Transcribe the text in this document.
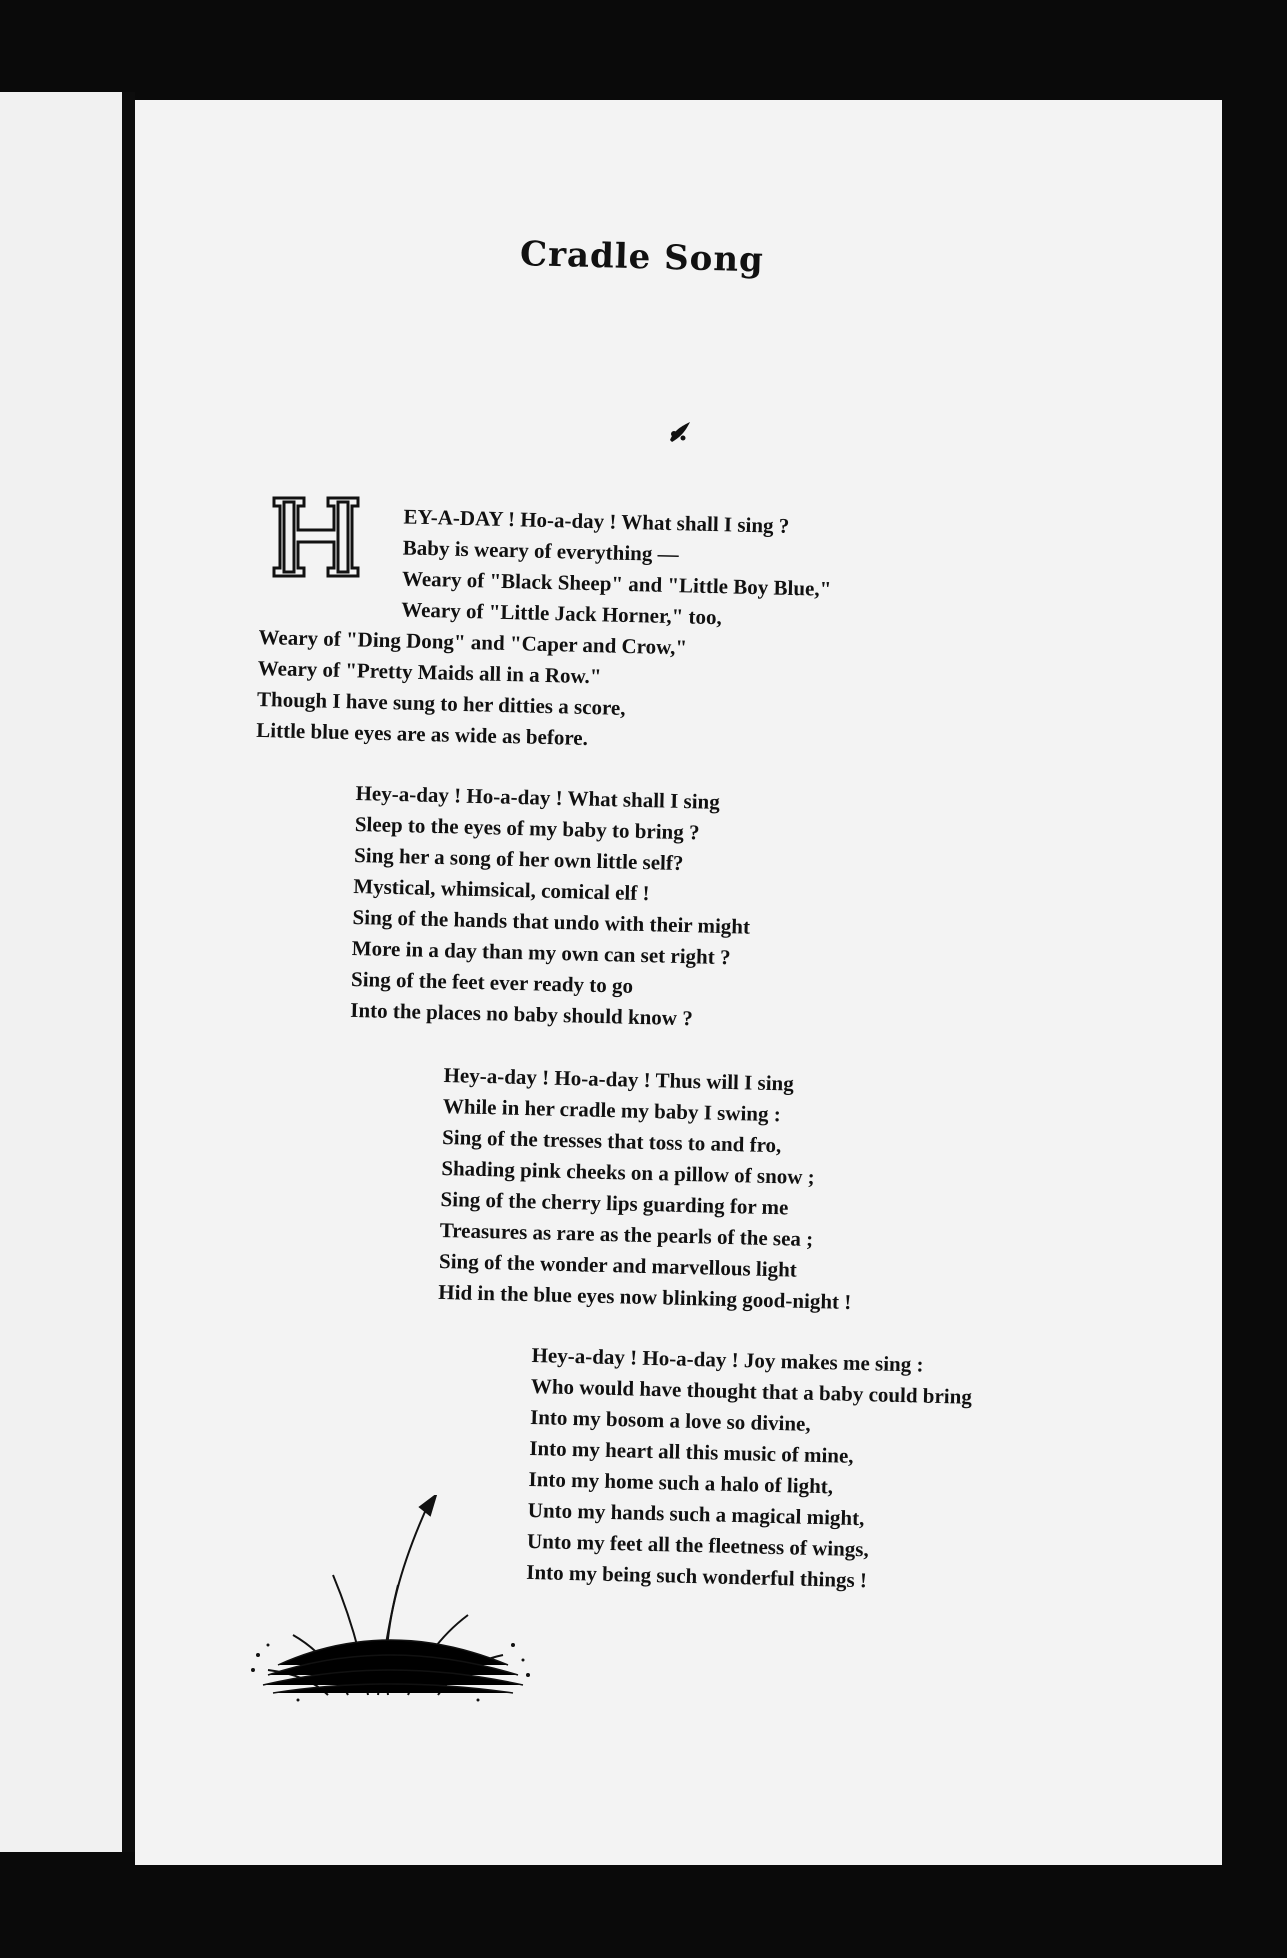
Cradle Song
EY-A-DAY ! Ho-a-day ! What shall I sing ?
Baby is weary of everything —
Weary of "Black Sheep" and "Little Boy Blue,"
Weary of "Little Jack Horner," too,
Weary of "Ding Dong" and "Caper and Crow,"
Weary of "Pretty Maids all in a Row."
Though I have sung to her ditties a score,
Little blue eyes are as wide as before.
Hey-a-day ! Ho-a-day ! What shall I sing
Sleep to the eyes of my baby to bring ?
Sing her a song of her own little self?
Mystical, whimsical, comical elf !
Sing of the hands that undo with their might
More in a day than my own can set right ?
Sing of the feet ever ready to go
Into the places no baby should know ?
Hey-a-day ! Ho-a-day ! Thus will I sing
While in her cradle my baby I swing :
Sing of the tresses that toss to and fro,
Shading pink cheeks on a pillow of snow ;
Sing of the cherry lips guarding for me
Treasures as rare as the pearls of the sea ;
Sing of the wonder and marvellous light
Hid in the blue eyes now blinking good-night !
Hey-a-day ! Ho-a-day ! Joy makes me sing :
Who would have thought that a baby could bring
Into my bosom a love so divine,
Into my heart all this music of mine,
Into my home such a halo of light,
Unto my hands such a magical might,
Unto my feet all the fleetness of wings,
Into my being such wonderful things !
